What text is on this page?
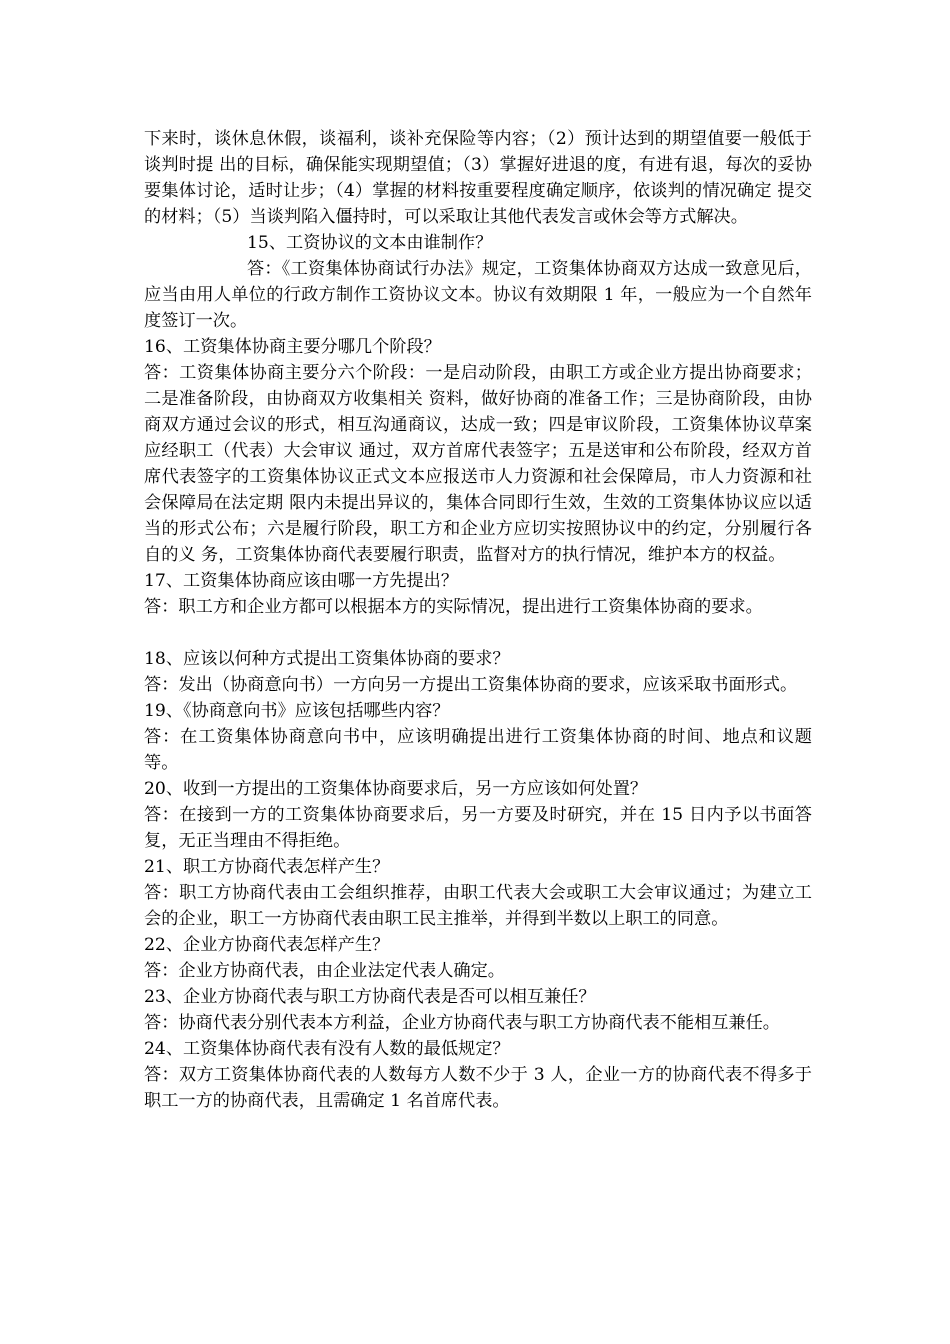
下来时，谈休息休假，谈福利，谈补充保险等内容；（2）预计达到的期望值要一般低于谈判时提 出的目标，确保能实现期望值；（3）掌握好进退的度，有进有退，每次的妥协要集体讨论，适时让步；（4）掌握的材料按重要程度确定顺序，依谈判的情况确定 提交的材料；（5）当谈判陷入僵持时，可以采取让其他代表发言或休会等方式解决。

15、工资协议的文本由谁制作？

答：《工资集体协商试行办法》规定，工资集体协商双方达成一致意见后，应当由用人单位的行政方制作工资协议文本。协议有效期限 1 年，一般应为一个自然年度签订一次。

16、工资集体协商主要分哪几个阶段？

答：工资集体协商主要分六个阶段：一是启动阶段，由职工方或企业方提出协商要求；二是准备阶段，由协商双方收集相关 资料，做好协商的准备工作；三是协商阶段，由协商双方通过会议的形式，相互沟通商议，达成一致；四是审议阶段，工资集体协议草案应经职工（代表）大会审议 通过，双方首席代表签字；五是送审和公布阶段，经双方首席代表签字的工资集体协议正式文本应报送市人力资源和社会保障局，市人力资源和社会保障局在法定期 限内未提出异议的，集体合同即行生效，生效的工资集体协议应以适当的形式公布；六是履行阶段，职工方和企业方应切实按照协议中的约定，分别履行各自的义 务，工资集体协商代表要履行职责，监督对方的执行情况，维护本方的权益。

17、工资集体协商应该由哪一方先提出？

答：职工方和企业方都可以根据本方的实际情况，提出进行工资集体协商的要求。

18、应该以何种方式提出工资集体协商的要求？

答：发出（协商意向书）一方向另一方提出工资集体协商的要求，应该采取书面形式。

19、《协商意向书》应该包括哪些内容？

答：在工资集体协商意向书中，应该明确提出进行工资集体协商的时间、地点和议题等。

20、收到一方提出的工资集体协商要求后，另一方应该如何处置？

答：在接到一方的工资集体协商要求后，另一方要及时研究，并在 15 日内予以书面答复，无正当理由不得拒绝。

21、职工方协商代表怎样产生？

答：职工方协商代表由工会组织推荐，由职工代表大会或职工大会审议通过；为建立工会的企业，职工一方协商代表由职工民主推举，并得到半数以上职工的同意。

22、企业方协商代表怎样产生？

答：企业方协商代表，由企业法定代表人确定。

23、企业方协商代表与职工方协商代表是否可以相互兼任？

答：协商代表分别代表本方利益，企业方协商代表与职工方协商代表不能相互兼任。

24、工资集体协商代表有没有人数的最低规定？

答：双方工资集体协商代表的人数每方人数不少于 3 人，企业一方的协商代表不得多于职工一方的协商代表，且需确定 1 名首席代表。
